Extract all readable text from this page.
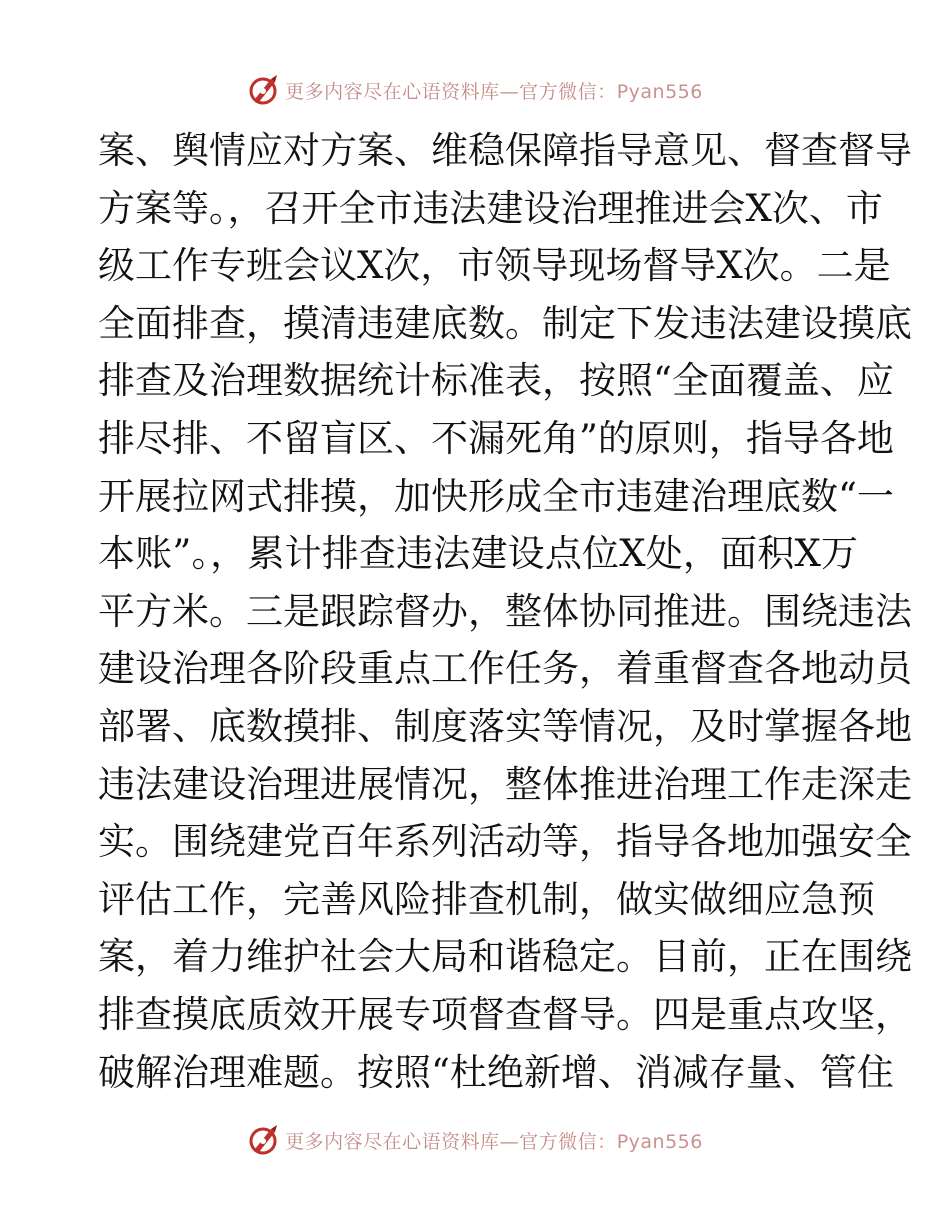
更多内容尽在心语资料库—官方微信：Pyan556
案、舆情应对方案、维稳保障指导意见、督查督导
方案等。，召开全市违法建设治理推进会X次、市
级工作专班会议X次，市领导现场督导X次。二是
全面排查，摸清违建底数。制定下发违法建设摸底
排查及治理数据统计标准表，按照“全面覆盖、应
排尽排、不留盲区、不漏死角”的原则，指导各地
开展拉网式排摸，加快形成全市违建治理底数“一
本账”。，累计排查违法建设点位X处，面积X万
平方米。三是跟踪督办，整体协同推进。围绕违法
建设治理各阶段重点工作任务，着重督查各地动员
部署、底数摸排、制度落实等情况，及时掌握各地
违法建设治理进展情况，整体推进治理工作走深走
实。围绕建党百年系列活动等，指导各地加强安全
评估工作，完善风险排查机制，做实做细应急预
案，着力维护社会大局和谐稳定。目前，正在围绕
排查摸底质效开展专项督查督导。四是重点攻坚，
破解治理难题。按照“杜绝新增、消减存量、管住
更多内容尽在心语资料库—官方微信：Pyan556
